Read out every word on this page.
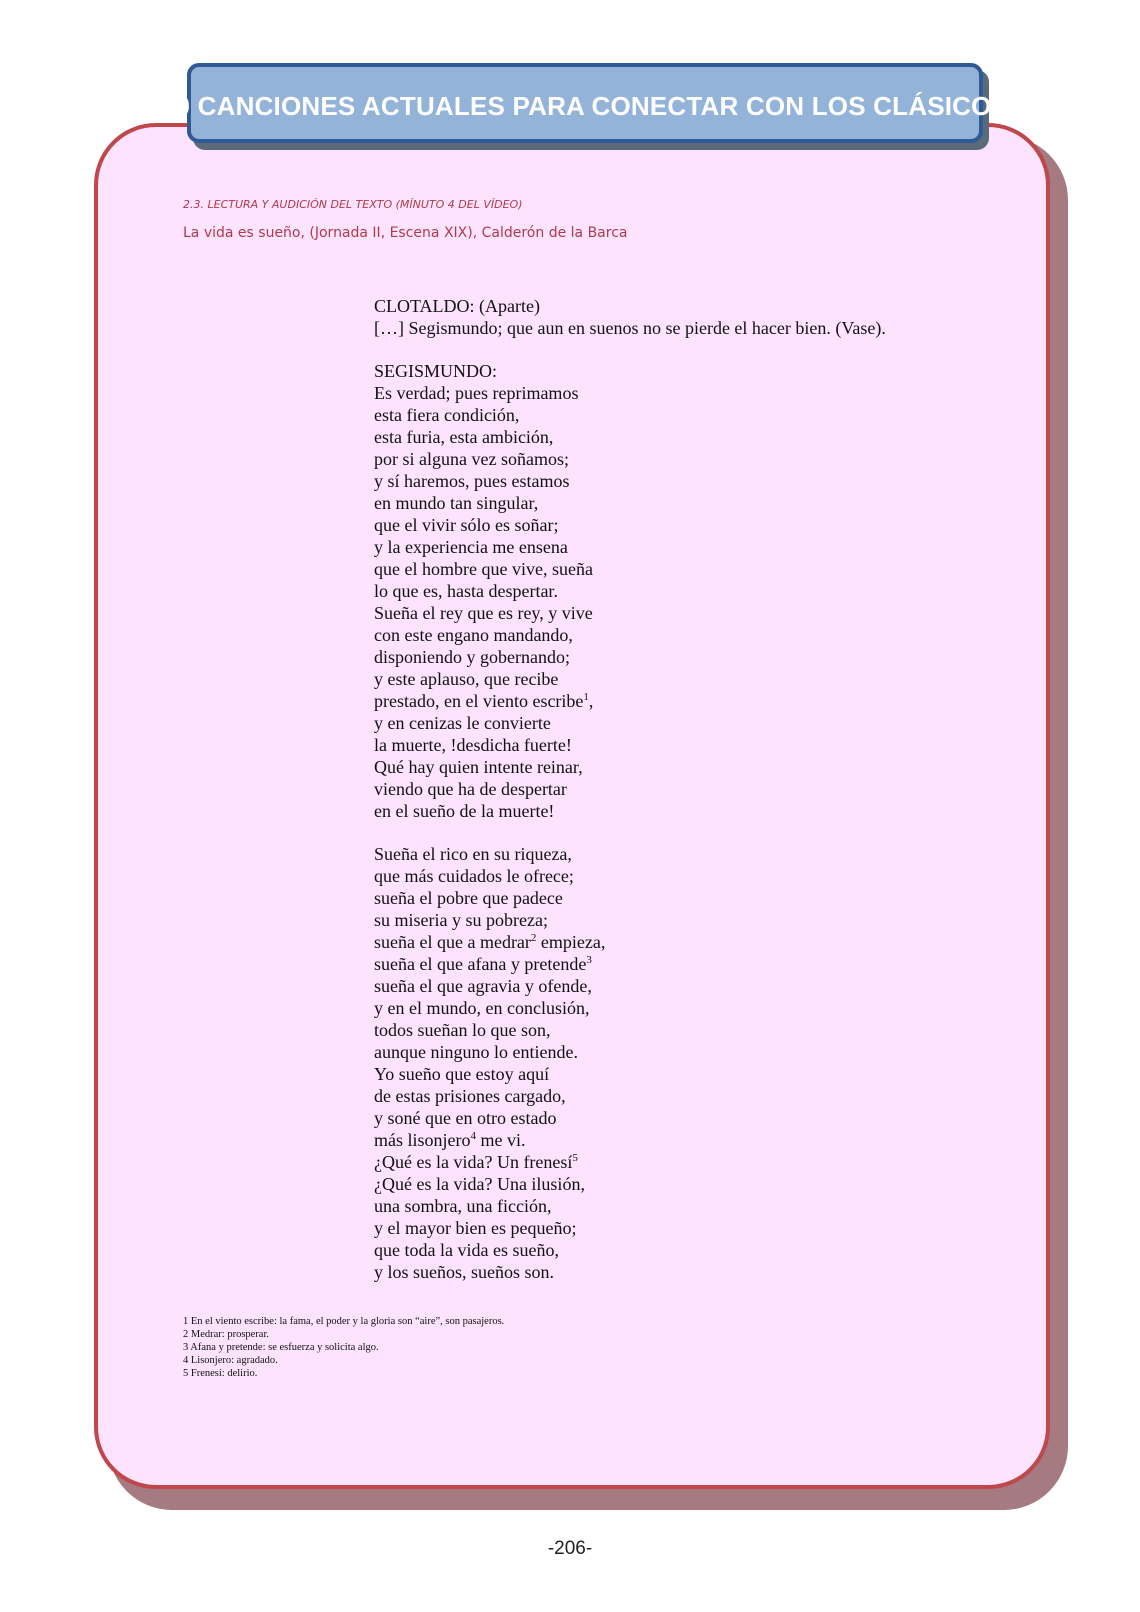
10 CANCIONES ACTUALES PARA CONECTAR CON LOS CLÁSICOS
2.3. LECTURA Y AUDICIÓN DEL TEXTO (MÍNUTO 4 DEL VÍDEO)
La vida es sueño, (Jornada II, Escena XIX), Calderón de la Barca
CLOTALDO: (Aparte)
[…] Segismundo; que aun en suenos no se pierde el hacer bien. (Vase).
SEGISMUNDO:
Es verdad; pues reprimamos
esta fiera condición,
esta furia, esta ambición,
por si alguna vez soñamos;
y sí haremos, pues estamos
en mundo tan singular,
que el vivir sólo es soñar;
y la experiencia me ensena
que el hombre que vive, sueña
lo que es, hasta despertar.
Sueña el rey que es rey, y vive
con este engano mandando,
disponiendo y gobernando;
y este aplauso, que recibe
prestado, en el viento escribe$^1$,
y en cenizas le convierte
la muerte, !desdicha fuerte!
Qué hay quien intente reinar,
viendo que ha de despertar
en el sueño de la muerte!
Sueña el rico en su riqueza,
que más cuidados le ofrece;
sueña el pobre que padece
su miseria y su pobreza;
sueña el que a medrar$^2$ empieza,
sueña el que afana y pretende$^3$
sueña el que agravia y ofende,
y en el mundo, en conclusión,
todos sueñan lo que son,
aunque ninguno lo entiende.
Yo sueño que estoy aquí
de estas prisiones cargado,
y soné que en otro estado
más lisonjero$^4$ me vi.
¿Qué es la vida? Un frenesí$^5$
¿Qué es la vida? Una ilusión,
una sombra, una ficción,
y el mayor bien es pequeño;
que toda la vida es sueño,
y los sueños, sueños son.
1 En el viento escribe: la fama, el poder y la gloria son “aire”, son pasajeros.
2 Medrar: prosperar.
3 Afana y pretende: se esfuerza y solicita algo.
4 Lisonjero: agradado.
5 Frenesí: delirio.
-206-
